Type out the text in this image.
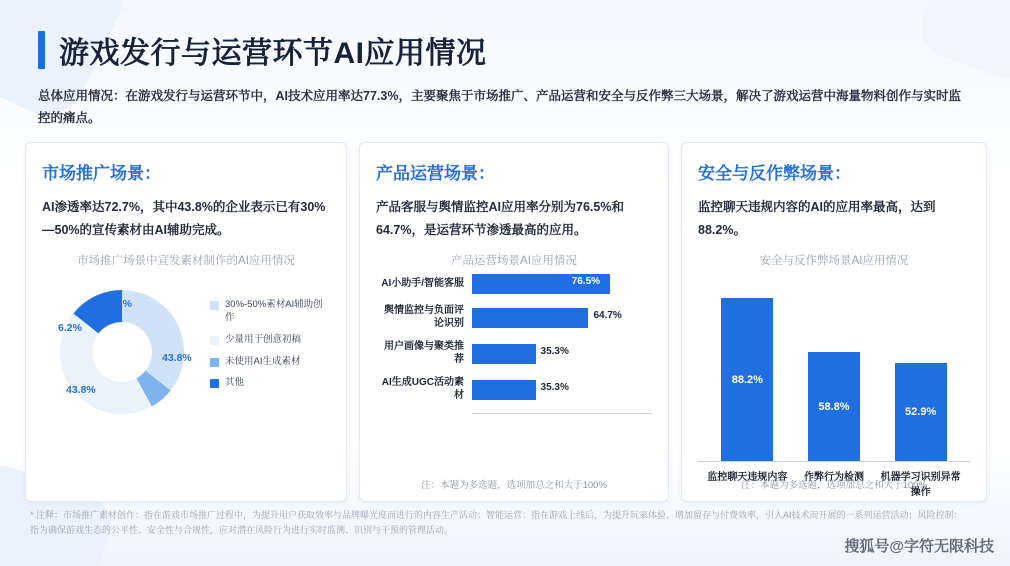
游戏发行与运营环节AI应用情况
总体应用情况：在游戏发行与运营环节中，AI技术应用率达77.3%，主要聚焦于市场推广、产品运营和安全与反作弊三大场景，解决了游戏运营中海量物料创作与实时监控的痛点。
市场推广场景：
AI渗透率达72.7%，其中43.8%的企业表示已有30%—50%的宣传素材由AI辅助完成。
市场推广场景中宣发素材制作的AI应用情况
6.2%
6.2%
43.8%
43.8%
30%-50%素材AI辅助创作
少量用于创意初稿
未使用AI生成素材
其他
产品运营场景：
产品客服与舆情监控AI应用率分别为76.5%和64.7%，是运营环节渗透最高的应用。
产品运营场景AI应用情况
AI小助手/智能客服	76.5%
舆情监控与负面评论识别
64.7%
用户画像与聚类推荐
35.3%
AI生成UGC活动素材
35.3%
注：本题为多选题，选项加总之和大于100%
安全与反作弊场景：
监控聊天违规内容的AI的应用率最高，达到 88.2%。
安全与反作弊场景AI应用情况
88.2%
58.8%	52.9%
监控聊天违规内容	作弊行为检测	机器学习识别异常操作
注：本题为多选题，选项加总之和大于100%
* 注释：市场推广素材创作：指在游戏市场推广过程中，为提升用户获取效率与品牌曝光度而进行的内容生产活动；智能运营：指在游戏上线后，为提升玩家体验、增加留存与付费效率，引入AI技术而开展的一系列运营活动；风险控制：指为确保游戏生态的公平性、安全性与合规性，应对潜在风险行为进行实时监测、识别与干预的管理活动。
搜狐号@字符无限科技
